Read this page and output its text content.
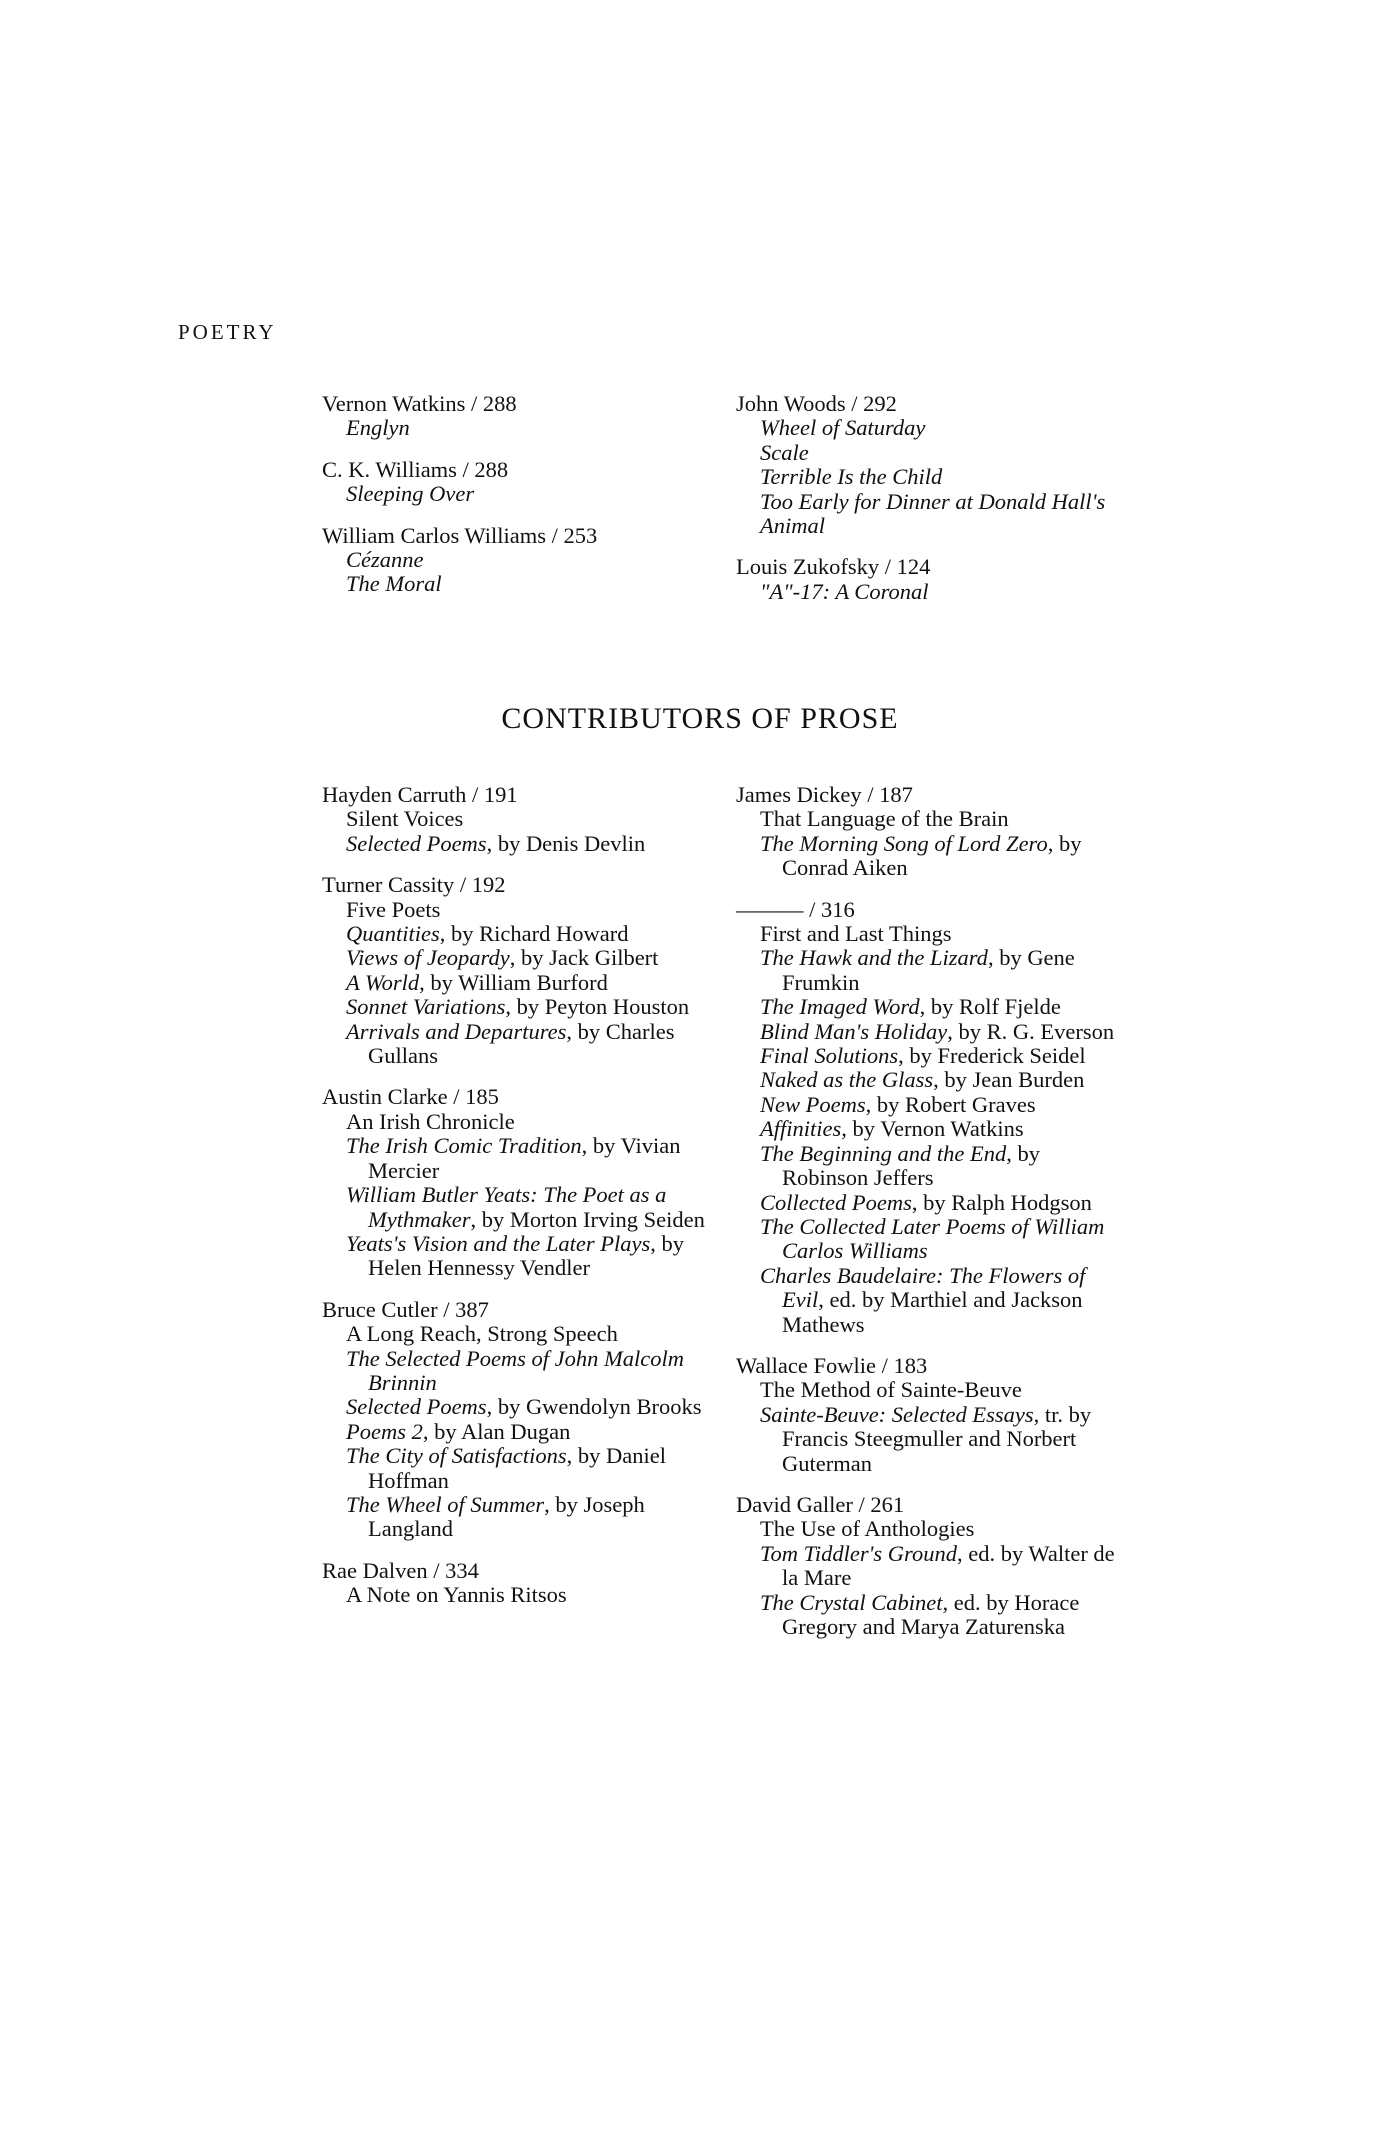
POETRY
Vernon Watkins / 288
Englyn
C. K. Williams / 288
Sleeping Over
William Carlos Williams / 253
Cézanne
The Moral
John Woods / 292
Wheel of Saturday
Scale
Terrible Is the Child
Too Early for Dinner at Donald Hall's Animal
Louis Zukofsky / 124
"A"-17: A Coronal
CONTRIBUTORS OF PROSE
Hayden Carruth / 191
Silent Voices
Selected Poems, by Denis Devlin
Turner Cassity / 192
Five Poets
Quantities, by Richard Howard
Views of Jeopardy, by Jack Gilbert
A World, by William Burford
Sonnet Variations, by Peyton Houston
Arrivals and Departures, by Charles Gullans
Austin Clarke / 185
An Irish Chronicle
The Irish Comic Tradition, by Vivian Mercier
William Butler Yeats: The Poet as a Mythmaker, by Morton Irving Seiden
Yeats's Vision and the Later Plays, by Helen Hennessy Vendler
Bruce Cutler / 387
A Long Reach, Strong Speech
The Selected Poems of John Malcolm Brinnin
Selected Poems, by Gwendolyn Brooks
Poems 2, by Alan Dugan
The City of Satisfactions, by Daniel Hoffman
The Wheel of Summer, by Joseph Langland
Rae Dalven / 334
A Note on Yannis Ritsos
James Dickey / 187
That Language of the Brain
The Morning Song of Lord Zero, by Conrad Aiken
——— / 316
First and Last Things
The Hawk and the Lizard, by Gene Frumkin
The Imaged Word, by Rolf Fjelde
Blind Man's Holiday, by R. G. Everson
Final Solutions, by Frederick Seidel
Naked as the Glass, by Jean Burden
New Poems, by Robert Graves
Affinities, by Vernon Watkins
The Beginning and the End, by Robinson Jeffers
Collected Poems, by Ralph Hodgson
The Collected Later Poems of William Carlos Williams
Charles Baudelaire: The Flowers of Evil, ed. by Marthiel and Jackson Mathews
Wallace Fowlie / 183
The Method of Sainte-Beuve
Sainte-Beuve: Selected Essays, tr. by Francis Steegmuller and Norbert Guterman
David Galler / 261
The Use of Anthologies
Tom Tiddler's Ground, ed. by Walter de la Mare
The Crystal Cabinet, ed. by Horace Gregory and Marya Zaturenska
